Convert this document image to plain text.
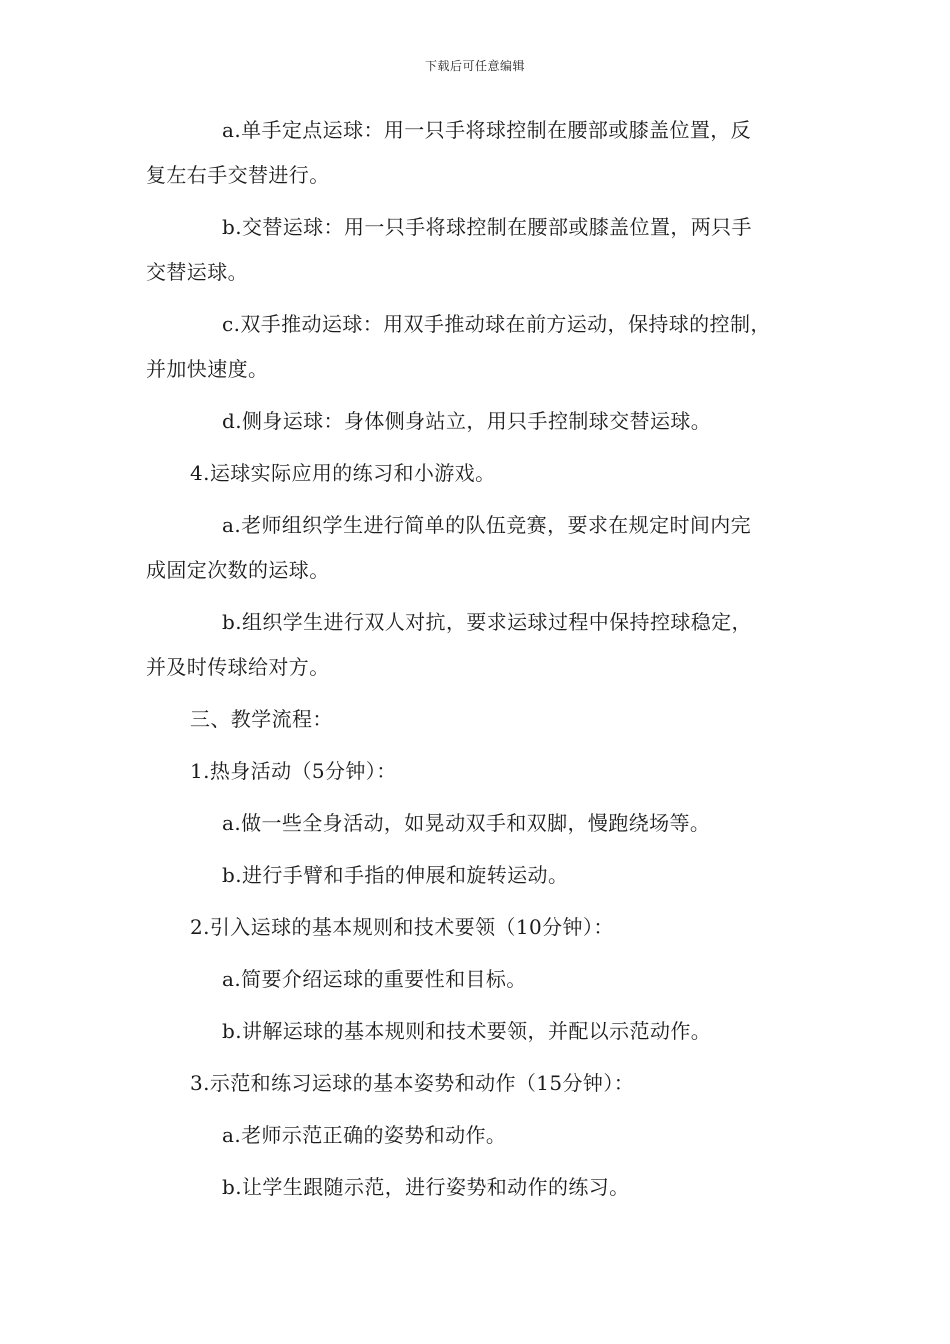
下载后可任意编辑
a.单手定点运球：用一只手将球控制在腰部或膝盖位置，反
复左右手交替进行。
b.交替运球：用一只手将球控制在腰部或膝盖位置，两只手
交替运球。
c.双手推动运球：用双手推动球在前方运动，保持球的控制，
并加快速度。
d.侧身运球：身体侧身站立，用只手控制球交替运球。
4.运球实际应用的练习和小游戏。
a.老师组织学生进行简单的队伍竞赛，要求在规定时间内完
成固定次数的运球。
b.组织学生进行双人对抗，要求运球过程中保持控球稳定，
并及时传球给对方。
三、教学流程：
1.热身活动（5分钟）：
a.做一些全身活动，如晃动双手和双脚，慢跑绕场等。
b.进行手臂和手指的伸展和旋转运动。
2.引入运球的基本规则和技术要领（10分钟）：
a.简要介绍运球的重要性和目标。
b.讲解运球的基本规则和技术要领，并配以示范动作。
3.示范和练习运球的基本姿势和动作（15分钟）：
a.老师示范正确的姿势和动作。
b.让学生跟随示范，进行姿势和动作的练习。
